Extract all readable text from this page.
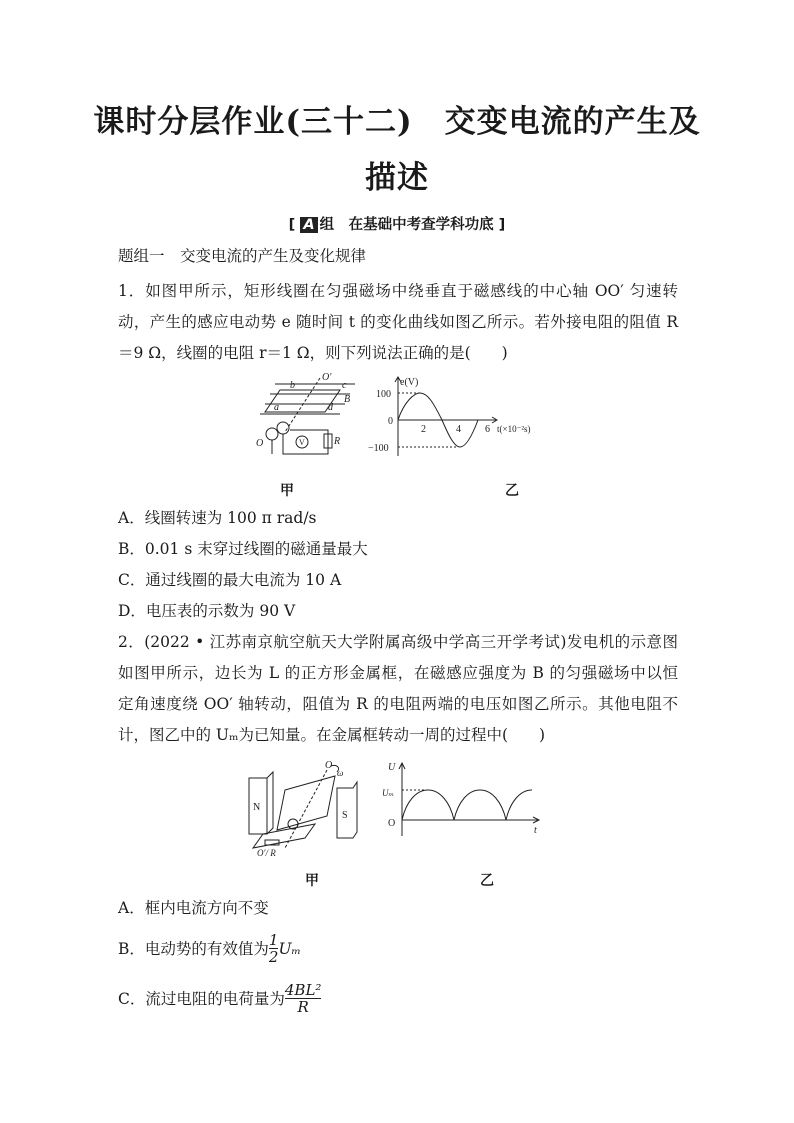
课时分层作业(三十二)　交变电流的产生及
描述
[ A 组　在基础中考查学科功底 ]
题组一　交变电流的产生及变化规律
1．如图甲所示，矩形线圈在匀强磁场中绕垂直于磁感线的中心轴 OO′ 匀速转
动，产生的感应电动势 e 随时间 t 的变化曲线如图乙所示。若外接电阻的阻值 R
＝9 Ω，线圈的电阻 r＝1 Ω，则下列说法正确的是(　　)
O′
O
a
b	c
d
B
V	R
e(V)
100
0
−100
2	4 6 t(×10⁻²s)
甲	乙
A．线圈转速为 100 π rad/s
B．0.01 s 末穿过线圈的磁通量最大
C．通过线圈的最大电流为 10 A
D．电压表的示数为 90 V
2．(2022 • 江苏南京航空航天大学附属高级中学高三开学考试)发电机的示意图
如图甲所示，边长为 L 的正方形金属框，在磁感应强度为 B 的匀强磁场中以恒
定角速度绕 OO′ 轴转动，阻值为 R 的电阻两端的电压如图乙所示。其他电阻不
计，图乙中的 Uₘ为已知量。在金属框转动一周的过程中(　　)
N
S
O
ω
O′/ R
U
Uₘ
O
t
甲	乙
A．框内电流方向不变
B．电动势的有效值为 $\frac{1}{2}$ Uₘ
C．流过电阻的电荷量为 $\frac{\text{4BL²}}{R}$
